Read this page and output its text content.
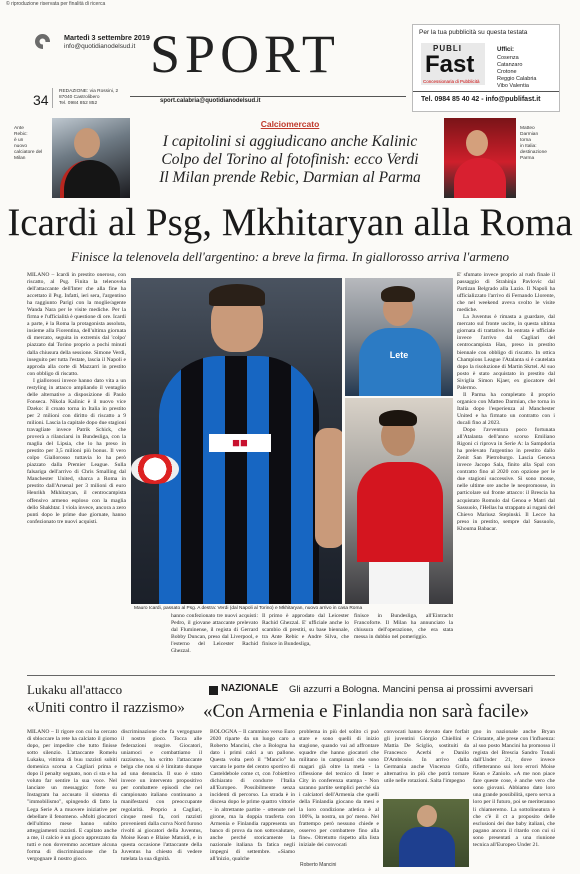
© riproduzione riservata per finalità di ricerca
Martedì 3 settembre 2019
info@quotidianodelsud.it SPORT
34
REDAZIONE: via Rossini, 2
87040 Castrolibero
Tel. 0984 852 852	sport.calabria@quotidianodelsud.it
Per la tua pubblicità su questa testata
PUBLI
Fast
Concessionaria di Pubblicità
Uffici:
Cosenza
Catanzaro
Crotone
Reggio Calabria
Vibo Valentia
Tel. 0984 85 40 42 - info@publifast.it
Ante
Rebic:
è un
nuovo
calciatore del Milan
Calciomercato
I capitolini si aggiudicano anche Kalinic
Colpo del Torino al fotofinish: ecco Verdi
Il Milan prende Rebic, Darmian al Parma
Matteo
Darmian
torna
in Italia:
destinazione
Parma
Icardi al Psg, Mkhitaryan alla Roma
Finisce la telenovela dell'argentino: a breve la firma. In giallorosso arriva l'armeno

MILANO – Icardi in prestito oneroso, con riscatto, al Psg. Finita la telenovela dell'attaccante dell'Inter che alla fine ha accettato il Psg. Infatti, ieri sera, l'argentino ha raggiunto Parigi con la moglie/agente Wanda Nara per le visite mediche. Per la firma e l'ufficialità è questione di ore. Icardi a parte, è la Roma la protagonista assoluta, insieme alla Fiorentina, dell'ultima giornata di mercato, seguita in extremis dal 'colpo' piazzato dal Torino proprio a pochi minuti dalla chiusura della sessione. Simone Verdi, inseguito per tutta l'estate, lascia il Napoli e approda alla corte di Mazzarri in prestito con obbligo di riscatto.

I giallorossi invece hanno dato vita a un restyling in attacco ampliando il ventaglio delle alternative a disposizione di Paulo Fonseca. Nikola Kalinic è il nuovo vice Dzeko: il croato torna in Italia in prestito per 2 milioni con diritto di riscatto a 9 milioni. Lascia la capitale dopo due stagioni travagliate invece Patrik Schick, che proverà a rilanciarsi in Bundesliga, con la maglia del Lipsia, che lo ha preso in prestito per 3,5 milioni più bonus. Il vero colpo Giallorosso tuttavia lo ha però piazzato dalla Premier League. Sulla falsariga dell'arrivo di Chris Smalling dal Manchester United, sbarca a Roma in prestito dall'Arsenal per 3 milioni di euro Henrikh Mkhitaryan, il centrocampista offensivo armeno esploso con la maglia dello Shakhtar. I viola invece, ancora a zero punti dopo le prime due giornate, hanno confezionato tre nuovi acquisti.

E' sfumato invece proprio al rush finale il passaggio di Strahinja Pavlovic dal Partizan Belgrado alla Lazio. Il Napoli ha ufficializzato l'arrivo di Fernando Llorente, che nel weekend aveva svolto le visite mediche.

La Juventus è rimasta a guardare, dal mercato sul fronte uscite, in questa ultima giornata di trattative. In entrata è ufficiale invece l'arrivo dal Cagliari del centrocampista Han, preso in prestito biennale con obbligo di riscatto. In ottica Champions League l'Atalanta si è cautelata dopo la risoluzione di Martin Skrtel. Al suo posto è stato acquistato in prestito dal Siviglia Simon Kjaer, ex giocatore del Palermo.

Il Parma ha completato il proprio organico con Matteo Darmian, che torna in Italia dopo l'esperienza al Manchester United e ha firmato un contratto con i ducali fino al 2023.

Dopo l'avventura poco fortunata all'Atalanta dell'anno scorso Emiliano Rigoni ci riprova in Serie A: la Sampdoria ha prelevato l'argentino in prestito dallo Zenit San Pietroburgo. Lascia Genova invece Jacopo Sala, finito alla Spal con contratto fino al 2020 con opzione per le due stagioni successive. Si sono mosse, nelle ultime ore anche le neopromosse, in particolare sul fronte attacco: il Brescia ha acquistato Romulo dal Genoa e Matri dal Sassuolo, l'Hellas ha strappato ai rugani del Chievo Mariusz Stepinski. Il Lecce ha preso in prestito, sempre dal Sassuolo, Khouma Babacar.

■■
Lete
Mauro Icardi, passato al Psg. A destra: Verdi (dal Napoli al Torino) e Mkhitaryan, nuovo arrivo in casa Roma

hanno confezionato tre nuovi acquisti: Pedro, il giovane attaccante prelevato dal Fluminense, il regista di Gerrard Bobby Duncan, preso dal Liverpool, e l'esterno del Leicester Rachid Ghezzal.

Il primo è approdato dal Leicester Rachid Ghezzal. E' ufficiale anche lo scambio di prestiti, su base biennale, tra Ante Rebic e Andre Silva, che finisce in Bundesliga,

finisce in Bundesliga, all'Eintracht Francoforte. Il Milan ha annunciato la chiusura dell'operazione, che era stata messa in dubbio nel pomeriggio.

Lukaku all'attacco
«Uniti contro il razzismo»
NAZIONALE Gli azzurri a Bologna. Mancini pensa ai prossimi avversari
«Con Armenia e Finlandia non sarà facile»

MILANO – Il rigore con cui ha cercato di sbloccare la rete ha calciato il giorno dopo, per impedire che tutto finisse sotto silenzio. L'attaccante Romelu Lukaku, vittima di buu razzisti subiti domenica scorsa a Cagliari prima e dopo il penalty segnato, non ci sta e ha voluto far sentire la sua voce. Nel lanciare un messaggio: forte su Instagram ha accusato il sistema di "immobilismo", spingendo di fatto la Lega Serie A a muovere iniziative per debellare il fenomeno. «Molti giocatori dell'ultimo mese hanno subito atteggiamenti razzisti. E capitato anche a me, il calcio è un gioco apprezzato da tutti e non dovremmo accettare alcuna forma di discriminazione che fa vergognare il nostro gioco.

discriminazione che fa vergognare il nostro gioco. Tocca alle federazioni reagire. Giocatori, uniamoci e combattiamo il razzismo», ha scritto l'attaccante belga che non si è limitato dunque ad una denuncia. Il suo è stato invece un intervento propositivo per combattere episodi che nel campionato italiano continuano a manifestarsi con preoccupante regolarità. Proprio a Cagliari, cinque mesi fa, cori razzisti provenienti dalla curva Nord furono rivolti ai giocatori della Juventus, Moise Kean e Blaise Matuidi, e in questa occasione l'attaccante della Juventus ha chiesto di vedere tutelata la sua dignità.

BOLOGNA – Il cammino verso Euro 2020 riparte da un luogo caro a Roberto Mancini, che a Bologna ha dato i primi calci a un pallone. Questa volta però il "Mancio" ha varcato le porte del centro sportivo di Casteldebole come ct, con l'obiettivo dichiarato di condurre l'Italia all'Europeo. Possibilmente senza incidenti di percorso. La strada è in discesa dopo le prime quattro vittorie - in altrettante partite - ottenute nel girone, ma la doppia trasferta con Armenia e Finlandia rappresenta un banco di prova da non sottovalutare, anche perché storicamente la nazionale italiana fa fatica negli impegni di settembre. «Siamo all'inizio, qualche

problema in più del solito ci può stare e sono quelli di inizio stagione, quando vai ad affrontare squadre che hanno giocatori che militano in campionati che sono magari già oltre la metà - la riflessione del tecnico di Inter e City in conferenza stampa - Non saranno partite semplici perché sia i calciatori dell'Armenia che quelli della Finlandia giocano da mesi e la loro condizione atletica è al 100%, la nostra, un po' meno. Nel frattempo però nessuno chiede e osservo per combattere fino alla fine». Oltretutto rispetto alla lista iniziale dei convocati

convocati hanno dovuto dare forfait gli juventini Giorgio Chiellini e Mattia De Sciglio, sostituiti da Francesco Acerbi e Danilo D'Ambrosio. In arrivo dalla Germania anche Vincenzo Grifo, alternativa in più che potrà tornare utile nelle rotazioni. Salta l'impegno

gno in nazionale anche Bryan Cristante, alle prese con l'influenza: al suo posto Mancini ha promosso il regista del Brescia Sandro Tonali dall'Under 21, dove invece rifletteranno sui loro errori Moise Kean e Zaniolo. «A me non piace fare queste cose, è anche vero che sono giovani. Abbiamo dato loro una grande possibilità, spero serva a loro per il futuro, poi se meriteranno li chiameremo. La sottolineatura è che c'è il ct a proposito delle esclusioni dei due baby italiani, che pagano ancora il ritardo con cui si sono presentati a una riunione tecnica all'Europeo Under 21.

Roberto Mancini
